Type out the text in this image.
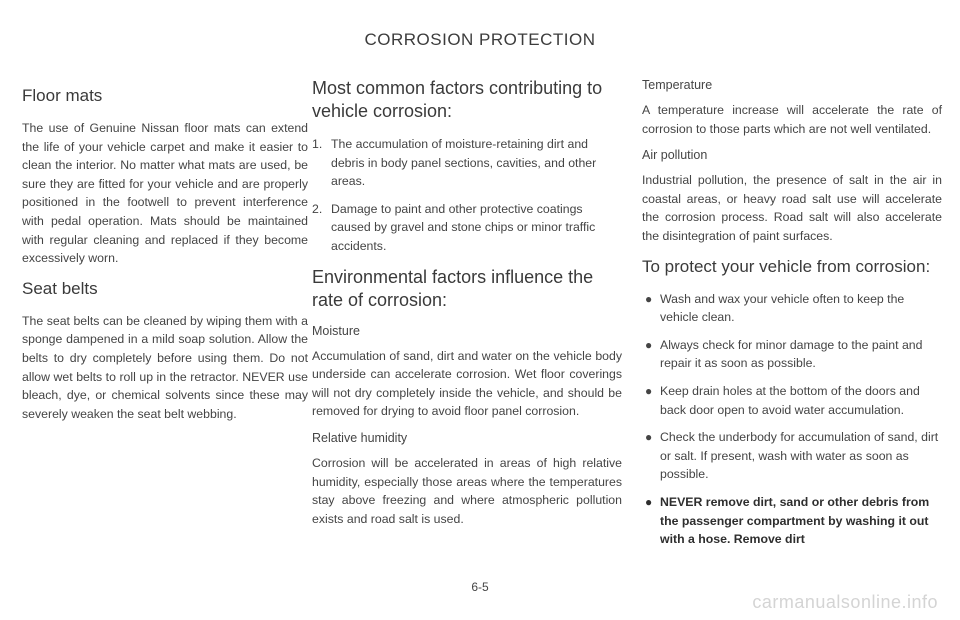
CORROSION PROTECTION
Floor mats

The use of Genuine Nissan floor mats can extend the life of your vehicle carpet and make it easier to clean the interior. No matter what mats are used, be sure they are fitted for your vehicle and are properly positioned in the footwell to prevent interference with pedal operation. Mats should be maintained with regular cleaning and replaced if they become excessively worn.

Seat belts

The seat belts can be cleaned by wiping them with a sponge dampened in a mild soap solution. Allow the belts to dry completely before using them. Do not allow wet belts to roll up in the retractor. NEVER use bleach, dye, or chemical solvents since these may severely weaken the seat belt webbing.

Most common factors contributing to vehicle corrosion:
1. The accumulation of moisture-retaining dirt and debris in body panel sections, cavities, and other areas.
2. Damage to paint and other protective coatings caused by gravel and stone chips or minor traffic accidents.
Environmental factors influence the rate of corrosion:
Moisture

Accumulation of sand, dirt and water on the vehicle body underside can accelerate corrosion. Wet floor coverings will not dry completely inside the vehicle, and should be removed for drying to avoid floor panel corrosion.

Relative humidity

Corrosion will be accelerated in areas of high relative humidity, especially those areas where the temperatures stay above freezing and where atmospheric pollution exists and road salt is used.

Temperature

A temperature increase will accelerate the rate of corrosion to those parts which are not well ventilated.

Air pollution

Industrial pollution, the presence of salt in the air in coastal areas, or heavy road salt use will accelerate the corrosion process. Road salt will also accelerate the disintegration of paint surfaces.

To protect your vehicle from corrosion:
● Wash and wax your vehicle often to keep the vehicle clean.
● Always check for minor damage to the paint and repair it as soon as possible.
● Keep drain holes at the bottom of the doors and back door open to avoid water accumulation.
● Check the underbody for accumulation of sand, dirt or salt. If present, wash with water as soon as possible.
● NEVER remove dirt, sand or other debris from the passenger compartment by washing it out with a hose. Remove dirt
6-5
carmanualsonline.info
